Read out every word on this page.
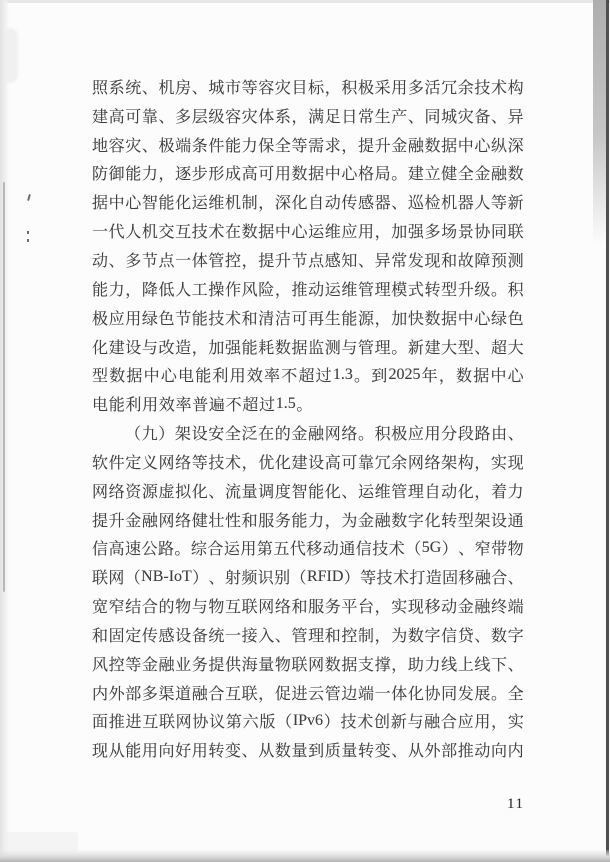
照 系 统 、 机 房 、 城 市 等 容 灾 目 标 ， 积 极 采 用 多 活 冗 余 技 术 构
建 高 可 靠 、 多 层 级 容 灾 体 系 ， 满 足 日 常 生 产 、 同 城 灾 备 、 异
地 容 灾 、 极 端 条 件 能 力 保 全 等 需 求 ， 提 升 金 融 数 据 中 心 纵 深
防 御 能 力 ， 逐 步 形 成 高 可 用 数 据 中 心 格 局 。 建 立 健 全 金 融 数
据 中 心 智 能 化 运 维 机 制 ， 深 化 自 动 传 感 器 、 巡 检 机 器 人 等 新
一 代 人 机 交 互 技 术 在 数 据 中 心 运 维 应 用 ， 加 强 多 场 景 协 同 联
动 、 多 节 点 一 体 管 控 ， 提 升 节 点 感 知 、 异 常 发 现 和 故 障 预 测
能 力 ， 降 低 人 工 操 作 风 险 ， 推 动 运 维 管 理 模 式 转 型 升 级 。 积
极 应 用 绿 色 节 能 技 术 和 清 洁 可 再 生 能 源 ， 加 快 数 据 中 心 绿 色
化 建 设 与 改 造 ， 加 强 能 耗 数 据 监 测 与 管 理 。 新 建 大 型 、 超 大
型 数 据 中 心 电 能 利 用 效 率 不 超 过 1.3 。 到 2025 年 ， 数 据 中 心
电 能 利 用 效 率 普 遍 不 超 过 1.5 。
（ 九 ） 架 设 安 全 泛 在 的 金 融 网 络 。 积 极 应 用 分 段 路 由 、
软 件 定 义 网 络 等 技 术 ， 优 化 建 设 高 可 靠 冗 余 网 络 架 构 ， 实 现
网 络 资 源 虚 拟 化 、 流 量 调 度 智 能 化 、 运 维 管 理 自 动 化 ， 着 力
提 升 金 融 网 络 健 壮 性 和 服 务 能 力 ， 为 金 融 数 字 化 转 型 架 设 通
信 高 速 公 路 。 综 合 运 用 第 五 代 移 动 通 信 技 术 （ 5G ） 、 窄 带 物
联 网 （ NB-IoT ） 、 射 频 识 别 （ RFID ） 等 技 术 打 造 固 移 融 合 、
宽 窄 结 合 的 物 与 物 互 联 网 络 和 服 务 平 台 ， 实 现 移 动 金 融 终 端
和 固 定 传 感 设 备 统 一 接 入 、 管 理 和 控 制 ， 为 数 字 信 贷 、 数 字
风 控 等 金 融 业 务 提 供 海 量 物 联 网 数 据 支 撑 ， 助 力 线 上 线 下 、
内 外 部 多 渠 道 融 合 互 联 ， 促 进 云 管 边 端 一 体 化 协 同 发 展 。 全
面 推 进 互 联 网 协 议 第 六 版 （ IPv6 ） 技 术 创 新 与 融 合 应 用 ， 实
现 从 能 用 向 好 用 转 变 、 从 数 量 到 质 量 转 变 、 从 外 部 推 动 向 内
11
